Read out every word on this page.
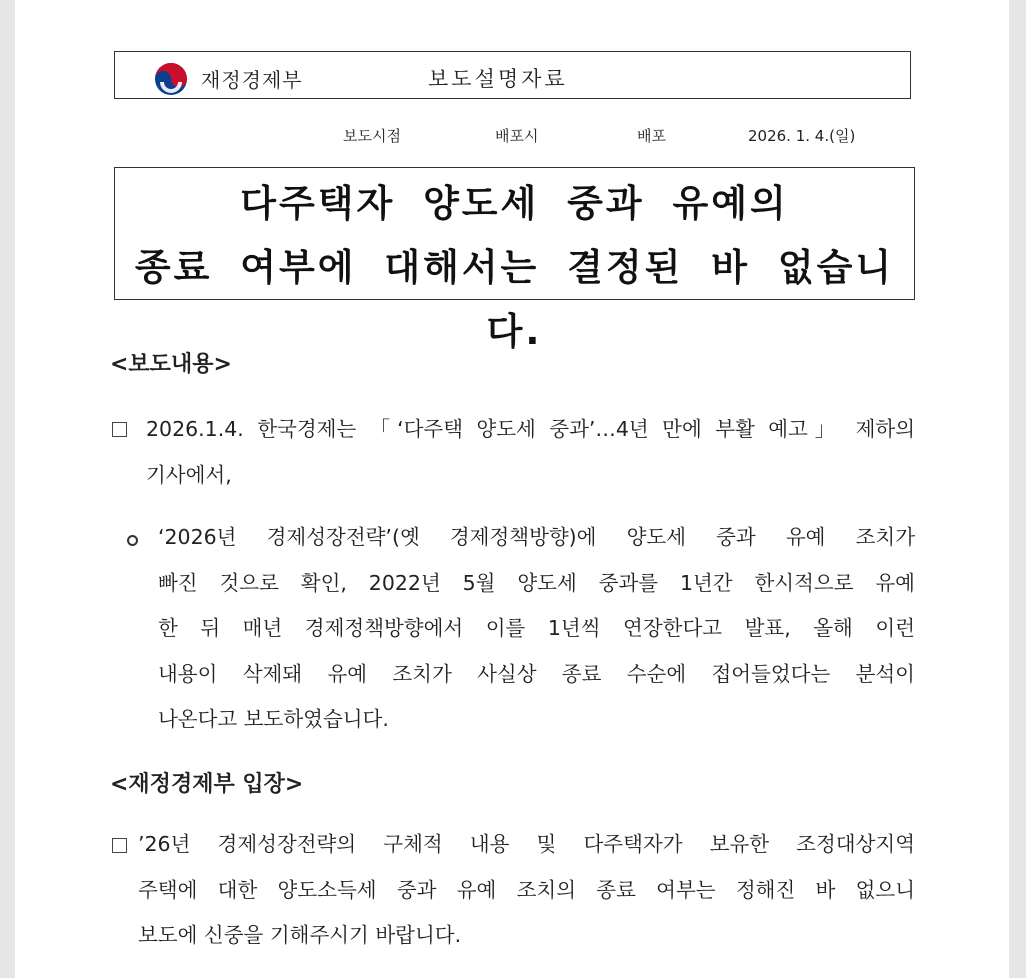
재정경제부	보도설명자료
보도시점	배포시	배포	2026. 1. 4.(일)
다주택자 양도세 중과 유예의
종료 여부에 대해서는 결정된 바 없습니다.
<보도내용>
2026.1.4. 한국경제는 「‘다주택 양도세 중과’…4년 만에 부활 예고」 제하의
기사에서,
‘2026년 경제성장전략’(옛 경제정책방향)에 양도세 중과 유예 조치가
빠진 것으로 확인, 2022년 5월 양도세 중과를 1년간 한시적으로 유예
한 뒤 매년 경제정책방향에서 이를 1년씩 연장한다고 발표, 올해 이런
내용이 삭제돼 유예 조치가 사실상 종료 수순에 접어들었다는 분석이
나온다고 보도하였습니다.
<재정경제부 입장>
’26년 경제성장전략의 구체적 내용 및 다주택자가 보유한 조정대상지역
주택에 대한 양도소득세 중과 유예 조치의 종료 여부는 정해진 바 없으니
보도에 신중을 기해주시기 바랍니다.
